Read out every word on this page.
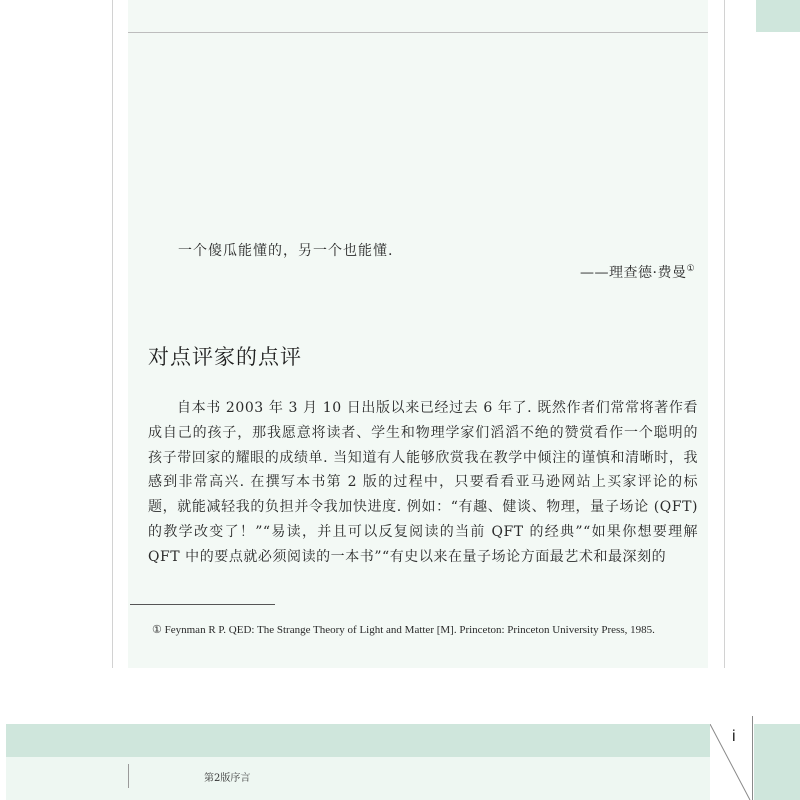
一个傻瓜能懂的，另一个也能懂.
——理查德·费曼①
对点评家的点评

自本书 2003 年 3 月 10 日出版以来已经过去 6 年了. 既然作者们常常将著作看成自己的孩子，那我愿意将读者、学生和物理学家们滔滔不绝的赞赏看作一个聪明的孩子带回家的耀眼的成绩单. 当知道有人能够欣赏我在教学中倾注的谨慎和清晰时，我感到非常高兴. 在撰写本书第 2 版的过程中，只要看看亚马逊网站上买家评论的标题，就能减轻我的负担并令我加快进度. 例如：“有趣、健谈、物理，量子场论 (QFT) 的教学改变了！”“易读，并且可以反复阅读的当前 QFT 的经典”“如果你想要理解 QFT 中的要点就必须阅读的一本书”“有史以来在量子场论方面最艺术和最深刻的

① Feynman R P. QED: The Strange Theory of Light and Matter [M]. Princeton: Princeton University Press, 1985.

第2版序言
i
